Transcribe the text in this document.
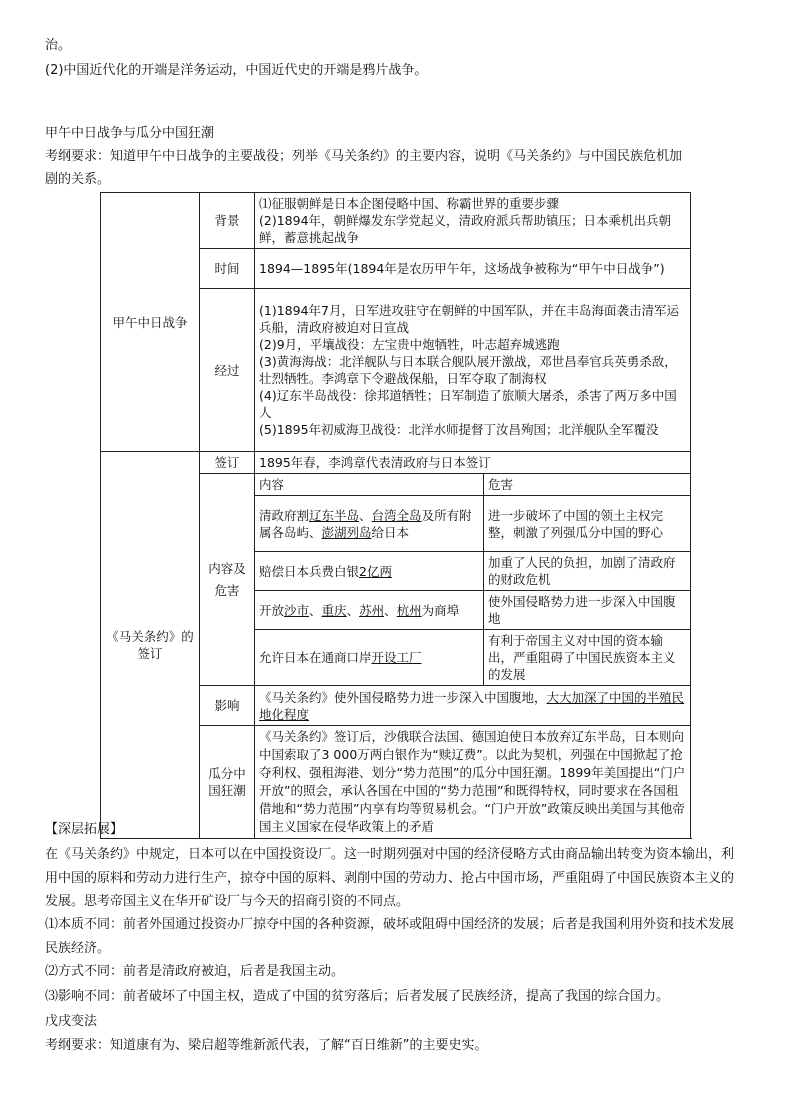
治。
(2)中国近代化的开端是洋务运动，中国近代史的开端是鸦片战争。
甲午中日战争与瓜分中国狂潮
考纲要求：知道甲午中日战争的主要战役；列举《马关条约》的主要内容，说明《马关条约》与中国民族危机加
剧的关系。
甲午中日战争	背景	⑴征服朝鲜是日本企图侵略中国、称霸世界的重要步骤
(2)1894年，朝鲜爆发东学党起义，清政府派兵帮助镇压；日本乘机出兵朝鲜，蓄意挑起战争	

	时间	1894—1895年(1894年是农历甲午年，这场战争被称为“甲午中日战争”)	
	经过	(1)1894年7月，日军进攻驻守在朝鲜的中国军队，并在丰岛海面袭击清军运兵船，清政府被迫对日宣战
(2)9月，平壤战役：左宝贵中炮牺牲，叶志超弃城逃跑
(3)黄海海战：北洋舰队与日本联合舰队展开激战，邓世昌奉官兵英勇杀敌，壮烈牺牲。李鸿章下令避战保船，日军夺取了制海权
(4)辽东半岛战役：徐邦道牺牲；日军制造了旅顺大屠杀，杀害了两万多中国人
(5)1895年初威海卫战役：北洋水师提督丁汝昌殉国；北洋舰队全军覆没	

《马关条约》的签订	签订	1895年春，李鸿章代表清政府与日本签订	
	内容及危害	内容	危害
		清政府割辽东半岛、台湾全岛及所有附属各岛屿、澎湖列岛给日本	进一步破坏了中国的领土主权完整，刺激了列强瓜分中国的野心
		赔偿日本兵费白银2亿两	加重了人民的负担，加剧了清政府的财政危机
		开放沙市、重庆、苏州、杭州为商埠	使外国侵略势力进一步深入中国腹地
		允许日本在通商口岸开设工厂	有利于帝国主义对中国的资本输出，严重阻碍了中国民族资本主义的发展
	影响	《马关条约》使外国侵略势力进一步深入中国腹地，大大加深了中国的半殖民地化程度	
	瓜分中国狂潮	《马关条约》签订后，沙俄联合法国、德国迫使日本放弃辽东半岛，日本则向中国索取了3 000万两白银作为“赎辽费”。以此为契机，列强在中国掀起了抢夺利权、强租海港、划分“势力范围”的瓜分中国狂潮。1899年美国提出“门户开放”的照会，承认各国在中国的“势力范围”和既得特权，同时要求在各国租借地和“势力范围”内享有均等贸易机会。“门户开放”政策反映出美国与其他帝国主义国家在侵华政策上的矛盾	
【深层拓展】
在《马关条约》中规定，日本可以在中国投资设厂。这一时期列强对中国的经济侵略方式由商品输出转变为资本输出，利用中国的原料和劳动力进行生产，掠夺中国的原料、剥削中国的劳动力、抢占中国市场，严重阻碍了中国民族资本主义的发展。思考帝国主义在华开矿设厂与今天的招商引资的不同点。
⑴本质不同：前者外国通过投资办厂掠夺中国的各种资源，破坏或阻碍中国经济的发展；后者是我国利用外资和技术发展民族经济。
⑵方式不同：前者是清政府被迫，后者是我国主动。
⑶影响不同：前者破坏了中国主权，造成了中国的贫穷落后；后者发展了民族经济，提高了我国的综合国力。
戊戌变法
考纲要求：知道康有为、梁启超等维新派代表，了解“百日维新”的主要史实。
